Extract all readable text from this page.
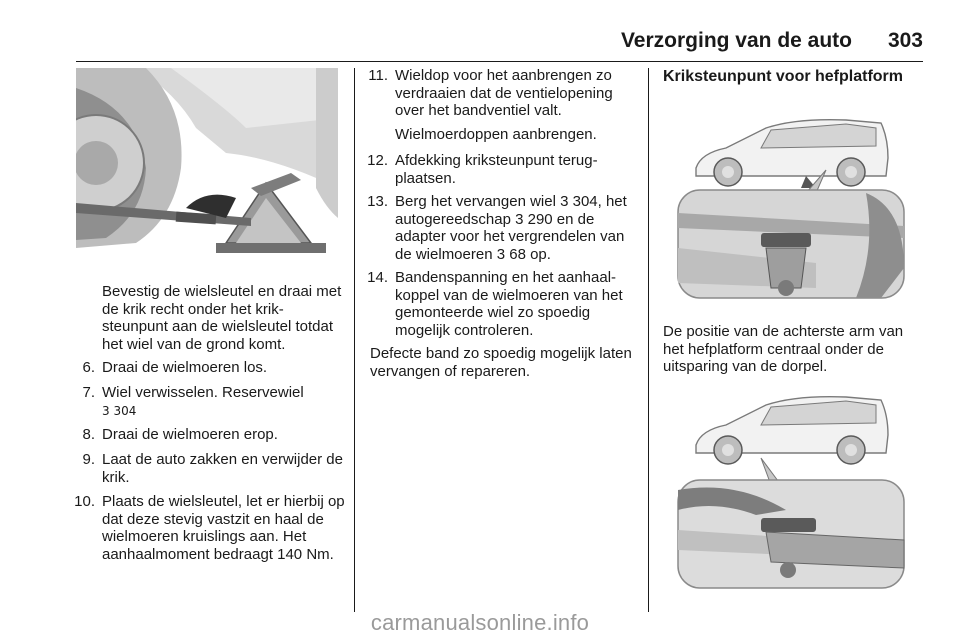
Verzorging van de auto 303
Bevestig de wielsleutel en draai met de krik recht onder het krik-steunpunt aan de wielsleutel totdat het wiel van de grond komt.
6. Draai de wielmoeren los.
7. Wiel verwisselen. Reservewiel
3 304
8. Draai de wielmoeren erop.
9. Laat de auto zakken en verwijder de krik.
10. Plaats de wielsleutel, let er hierbij op dat deze stevig vastzit en haal de wielmoeren kruislings aan. Het aanhaalmoment bedraagt 140 Nm.
11. Wieldop voor het aanbrengen zo verdraaien dat de ventielopening over het bandventiel valt.
Wielmoerdoppen aanbrengen.
12. Afdekking kriksteunpunt terug-plaatsen.
13. Berg het vervangen wiel 3 304, het autogereedschap 3 290 en de adapter voor het vergrendelen van de wielmoeren 3 68 op.
14. Bandenspanning en het aanhaal-koppel van de wielmoeren van het gemonteerde wiel zo spoedig mogelijk controleren.
Defecte band zo spoedig mogelijk laten vervangen of repareren.
Kriksteunpunt voor hefplatform
De positie van de achterste arm van het hefplatform centraal onder de uitsparing van de dorpel.
carmanualsonline.info
